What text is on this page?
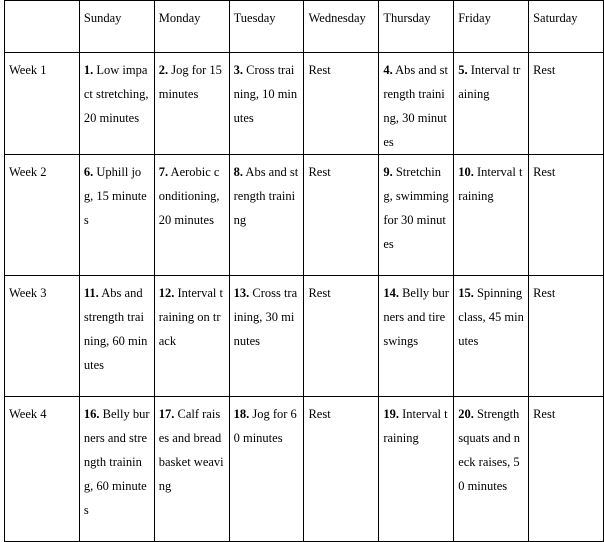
	Sunday	Monday	Tuesday	Wednesday	Thursday	Friday	Saturday
Week 1	1. Low impact stretching, 20 minutes	2. Jog for 15 minutes	3. Cross training, 10 minutes	Rest	4. Abs and strength training, 30 minutes	5. Interval training	Rest
Week 2	6. Uphill jog, 15 minutes	7. Aerobic conditioning, 20 minutes	8. Abs and strength training	Rest	9. Stretching, swimming for 30 minutes	10. Interval training	Rest
Week 3	11. Abs and strength training, 60 minutes	12. Interval training on track	13. Cross training, 30 minutes	Rest	14. Belly burners and tire swings	15. Spinning class, 45 minutes	Rest
Week 4	16. Belly burners and strength training, 60 minutes	17. Calf raises and breadbasket weaving	18. Jog for 60 minutes	Rest	19. Interval training	20. Strength squats and neck raises, 50 minutes	Rest
